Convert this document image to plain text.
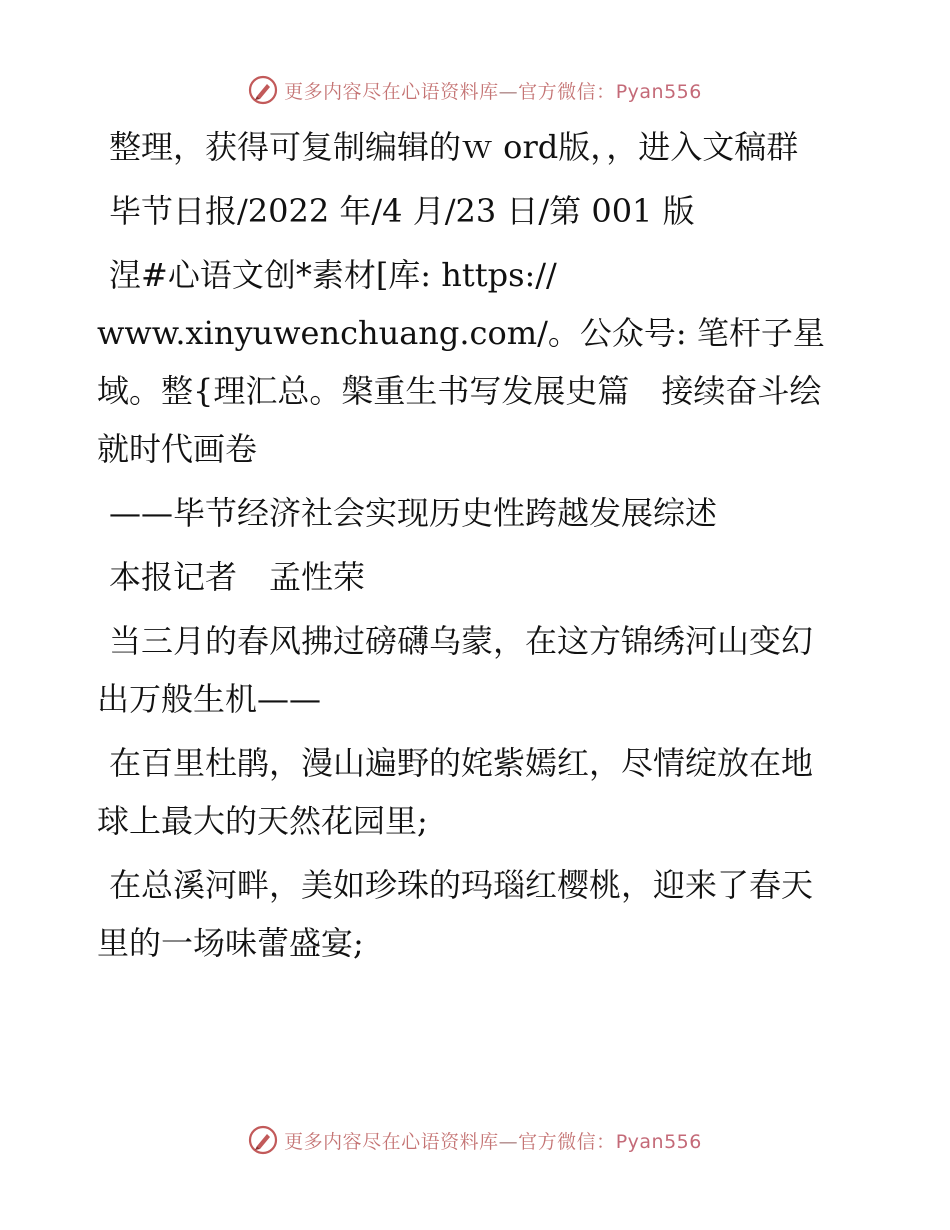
更多内容尽在心语资料库—官方微信：Pyan556

整理，获得可复制编辑的ｗ ord版，，进入文稿群

毕节日报/2022 年/4 月/23 日/第 001 版

涅#心语文创*素材[库: https://

www.xinyuwenchuang.com/。公众号: 笔杆子星域。整{理汇总。槃重生书写发展史篇　接续奋斗绘就时代画卷

——毕节经济社会实现历史性跨越发展综述

本报记者　孟性荣

当三月的春风拂过磅礴乌蒙，在这方锦绣河山变幻出万般生机——

在百里杜鹃，漫山遍野的姹紫嫣红，尽情绽放在地球上最大的天然花园里;

在总溪河畔，美如珍珠的玛瑙红樱桃，迎来了春天里的一场味蕾盛宴;

更多内容尽在心语资料库—官方微信：Pyan556
